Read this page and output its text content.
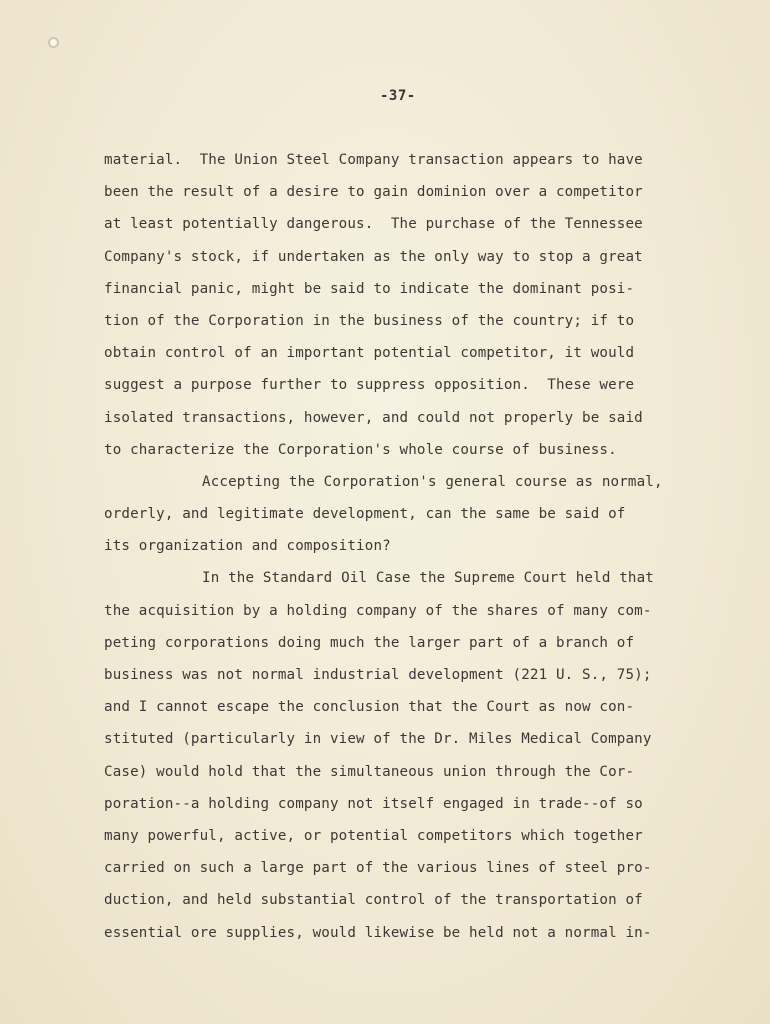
-37-
material.  The Union Steel Company transaction appears to have
been the result of a desire to gain dominion over a competitor
at least potentially dangerous.  The purchase of the Tennessee
Company's stock, if undertaken as the only way to stop a great
financial panic, might be said to indicate the dominant posi-
tion of the Corporation in the business of the country; if to
obtain control of an important potential competitor, it would
suggest a purpose further to suppress opposition.  These were
isolated transactions, however, and could not properly be said
to characterize the Corporation's whole course of business.
Accepting the Corporation's general course as normal,
orderly, and legitimate development, can the same be said of
its organization and composition?
In the Standard Oil Case the Supreme Court held that
the acquisition by a holding company of the shares of many com-
peting corporations doing much the larger part of a branch of
business was not normal industrial development (221 U. S., 75);
and I cannot escape the conclusion that the Court as now con-
stituted (particularly in view of the Dr. Miles Medical Company
Case) would hold that the simultaneous union through the Cor-
poration--a holding company not itself engaged in trade--of so
many powerful, active, or potential competitors which together
carried on such a large part of the various lines of steel pro-
duction, and held substantial control of the transportation of
essential ore supplies, would likewise be held not a normal in-
